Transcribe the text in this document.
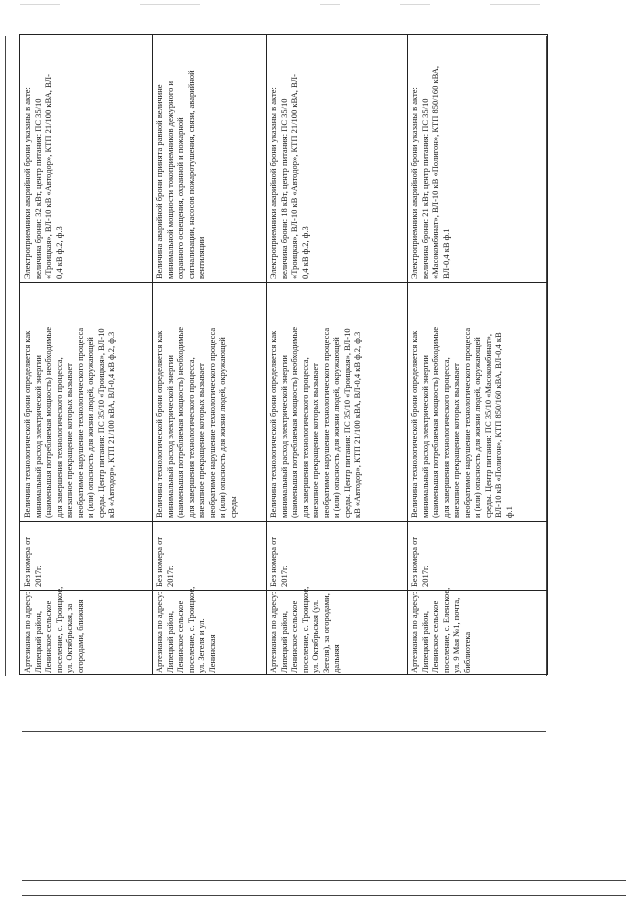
Артезианка по адресу:
Липецкий район,
Ленинское сельское
поселение, с. Троицкое,
ул. Октябрьская, за
огородами, ближняя
Без номера от
2017г.
Величина технологической брони определяется как
минимальный расход электрической энергии
(наименьшая потребляемая мощность) необходимые
для завершения технологического процесса,
внезапное прекращение которых вызывает
необратимое нарушение технологического процесса
и (или) опасность для жизни людей, окружающей
среды. Центр питания: ПС 35/10 «Троицкая», ВЛ-10
кВ «Автодор», КТП 21/100 кВА, ВЛ-0,4 кВ ф.2, ф.3
Электроприемники аварийной брони указаны в акте:
величина брони: 32 кВт, центр питания: ПС 35/10
«Троицкая», ВЛ-10 кВ «Автодор», КТП 21/100 кВА, ВЛ-
0,4 кВ ф.2, ф.3
Артезианка по адресу:
Липецкий район,
Ленинское сельское
поселение, с. Троицкое,
ул. Зегеля и ул.
Ленинская
Без номера от
2017г.
Величина технологической брони определяется как
минимальный расход электрической энергии
(наименьшая потребляемая мощность) необходимые
для завершения технологического процесса,
внезапное прекращение которых вызывает
необратимое нарушение технологического процесса
и (или) опасность для жизни людей, окружающей
среды
Величина аварийной брони принята равной величине
минимальной мощности токоприемников дежурного и
охранного освещения, охранной и пожарной
сигнализации, насосов пожаротушения, связи, аварийной
вентиляции
Артезианка по адресу:
Липецкий район,
Ленинское сельское
поселение, с. Троицкое,
ул. Октябрьская (ул.
Зегеля), за огородами,
дальняя
Без номера от
2017г.
Величина технологической брони определяется как
минимальный расход электрической энергии
(наименьшая потребляемая мощность) необходимые
для завершения технологического процесса,
внезапное прекращение которых вызывает
необратимое нарушение технологического процесса
и (или) опасность для жизни людей, окружающей
среды. Центр питания: ПС 35/10 «Троицкая», ВЛ-10
кВ «Автодор», КТП 21/100 кВА, ВЛ-0,4 кВ ф.2, ф.3
Электроприемники аварийной брони указаны в акте:
величина брони: 18 кВт, центр питания: ПС 35/10
«Троицкая», ВЛ-10 кВ «Автодор», КТП 21/100 кВА, ВЛ-
0,4 кВ ф.2, ф.3
Артезианка по адресу:
Липецкий район,
Ленинское сельское
поселение, с. Еленское,
ул. 9 Мая №1, почта,
библиотека
Без номера от
2017г.
Величина технологической брони определяется как
минимальный расход электрической энергии
(наименьшая потребляемая мощность) необходимые
для завершения технологического процесса,
внезапное прекращение которых вызывает
необратимое нарушение технологического процесса
и (или) опасность для жизни людей, окружающей
среды. Центр питания: ПС 35/10 «Масокомбинат»,
ВЛ-10 кВ «Полигон», КТП 850/160 кВА, ВЛ-0,4 кВ
ф.1
Электроприемники аварийной брони указаны в акте:
величина брони: 21 кВт, центр питания: ПС 35/10
«Масокомбинат», ВЛ-10 кВ «Полигон», КТП 850/160 кВА,
ВЛ-0,4 кВ ф.1
